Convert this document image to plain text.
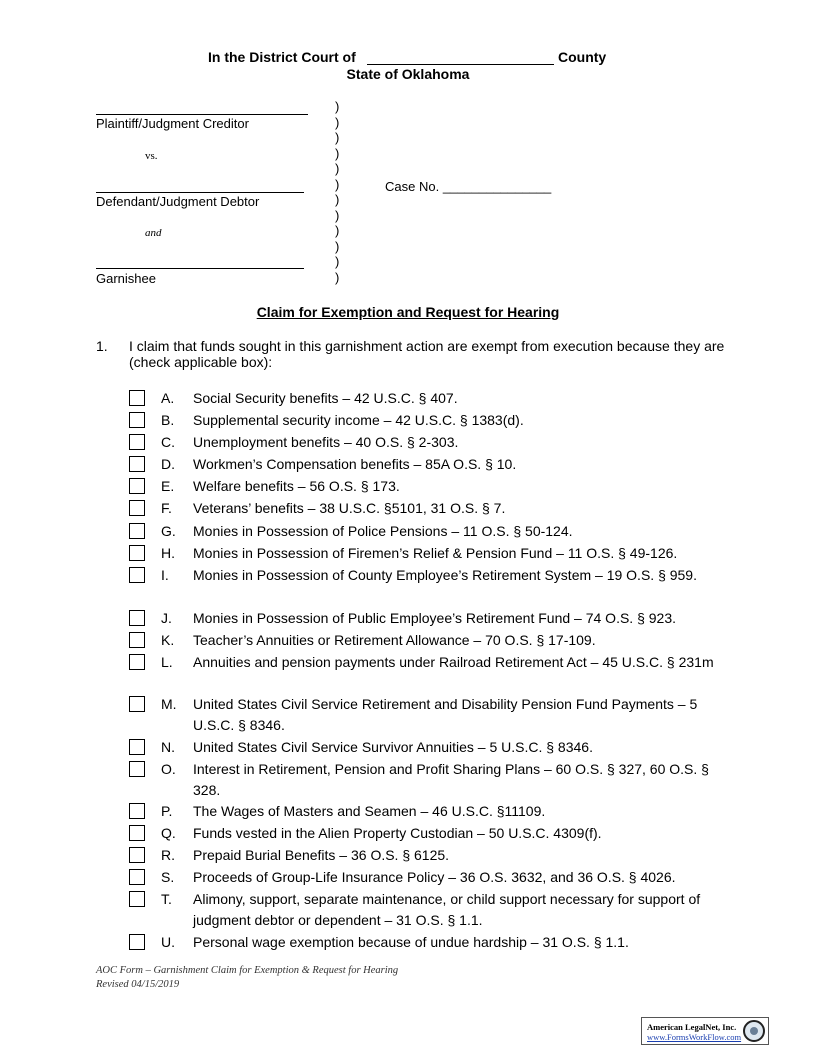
In the District Court of	County
State of Oklahoma
Plaintiff/Judgment Creditor
vs.
Defendant/Judgment Debtor
and
Garnishee
)
)
)
)
)
)
)
)
)
)
)
)
Case No. _______________
Claim for Exemption and Request for Hearing
1. I claim that funds sought in this garnishment action are exempt from execution because they are (check applicable box):
A. Social Security benefits – 42 U.S.C. § 407.
B. Supplemental security income – 42 U.S.C. § 1383(d).
C. Unemployment benefits – 40 O.S. § 2-303.
D. Workmen’s Compensation benefits – 85A O.S. § 10.
E. Welfare benefits – 56 O.S. § 173.
F. Veterans’ benefits – 38 U.S.C. §5101, 31 O.S. § 7.
G. Monies in Possession of Police Pensions – 11 O.S. § 50-124.
H. Monies in Possession of Firemen’s Relief & Pension Fund – 11 O.S. § 49-126.
I. Monies in Possession of County Employee’s Retirement System – 19 O.S. § 959.
J. Monies in Possession of Public Employee’s Retirement Fund – 74 O.S. § 923.
K. Teacher’s Annuities or Retirement Allowance – 70 O.S. § 17-109.
L. Annuities and pension payments under Railroad Retirement Act – 45 U.S.C. § 231m
M. United States Civil Service Retirement and Disability Pension Fund Payments – 5 U.S.C. § 8346.
N. United States Civil Service Survivor Annuities – 5 U.S.C. § 8346.
O. Interest in Retirement, Pension and Profit Sharing Plans – 60 O.S. § 327, 60 O.S. § 328.
P. The Wages of Masters and Seamen – 46 U.S.C. §11109.
Q. Funds vested in the Alien Property Custodian – 50 U.S.C. 4309(f).
R. Prepaid Burial Benefits – 36 O.S. § 6125.
S. Proceeds of Group-Life Insurance Policy – 36 O.S. 3632, and 36 O.S. § 4026.
T. Alimony, support, separate maintenance, or child support necessary for support of judgment debtor or dependent – 31 O.S. § 1.1.
U. Personal wage exemption because of undue hardship – 31 O.S. § 1.1.
AOC Form – Garnishment Claim for Exemption & Request for Hearing
Revised 04/15/2019
American LegalNet, Inc.
www.FormsWorkFlow.com
